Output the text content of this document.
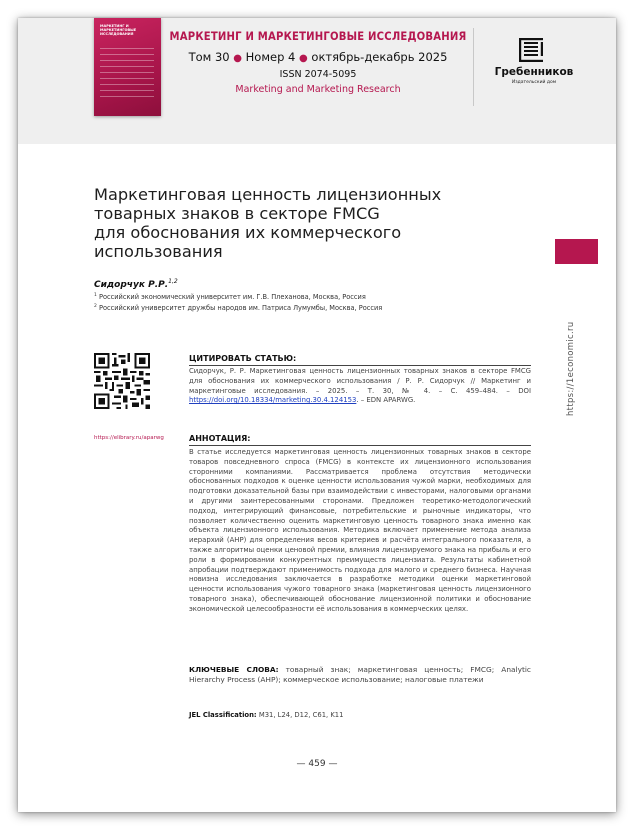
МАРКЕТИНГ И МАРКЕТИНГОВЫЕ ИССЛЕДОВАНИЯ	МАРКЕТИНГ И МАРКЕТИНГОВЫЕ ИССЛЕДОВАНИЯ
Том 30 ● Номер 4 ● октябрь-декабрь 2025
ISSN 2074-5095
Marketing and Marketing Research
Гребенников
Издательский дом
Маркетинговая ценность лицензионных
товарных знаков в секторе FMCG
для обоснования их коммерческого
использования
https://1economic.ru
Сидорчук Р.Р.$^{1,2}$
$^1$ Российский экономический университет им. Г.В. Плеханова, Москва, Россия
$^2$ Российский университет дружбы народов им. Патриса Лумумбы, Москва, Россия
https://elibrary.ru/aparwg
ЦИТИРОВАТЬ СТАТЬЮ:
Сидорчук, Р. Р. Маркетинговая ценность лицензионных товарных знаков в секторе FMCG для обоснования их коммерческого использования / Р. Р. Сидорчук // Маркетинг и маркетинговые исследования. – 2025. – Т. 30, № 4. – С. 459–484. – DOI https://doi.org/10.18334/marketing.30.4.124153. – EDN APARWG.
АННОТАЦИЯ:
В статье исследуется маркетинговая ценность лицензионных товарных знаков в секторе товаров повседневного спроса (FMCG) в контексте их лицензионного использования сторонними компаниями. Рассматривается проблема отсутствия методически обоснованных подходов к оценке ценности использования чужой марки, необходимых для подготовки доказательной базы при взаимодействии с инвесторами, налоговыми органами и другими заинтересованными сторонами. Предложен теоретико-методологический подход, интегрирующий финансовые, потребительские и рыночные индикаторы, что позволяет количественно оценить маркетинговую ценность товарного знака именно как объекта лицензионного использования. Методика включает применение метода анализа иерархий (AHP) для определения весов критериев и расчёта интегрального показателя, а также алгоритмы оценки ценовой премии, влияния лицензируемого знака на прибыль и его роли в формировании конкурентных преимуществ лицензиата. Результаты кабинетной апробации подтверждают применимость подхода для малого и среднего бизнеса. Научная новизна исследования заключается в разработке методики оценки маркетинговой ценности использования чужого товарного знака (маркетинговая ценность лицензионного товарного знака), обеспечивающей обоснование лицензионной политики и обоснование экономической целесообразности её использования в коммерческих целях.
КЛЮЧЕВЫЕ СЛОВА: товарный знак; маркетинговая ценность; FMCG; Analytic Hierarchy Process (AHP); коммерческое использование; налоговые платежи
JEL Classification: M31, L24, D12, C61, K11
— 459 —
